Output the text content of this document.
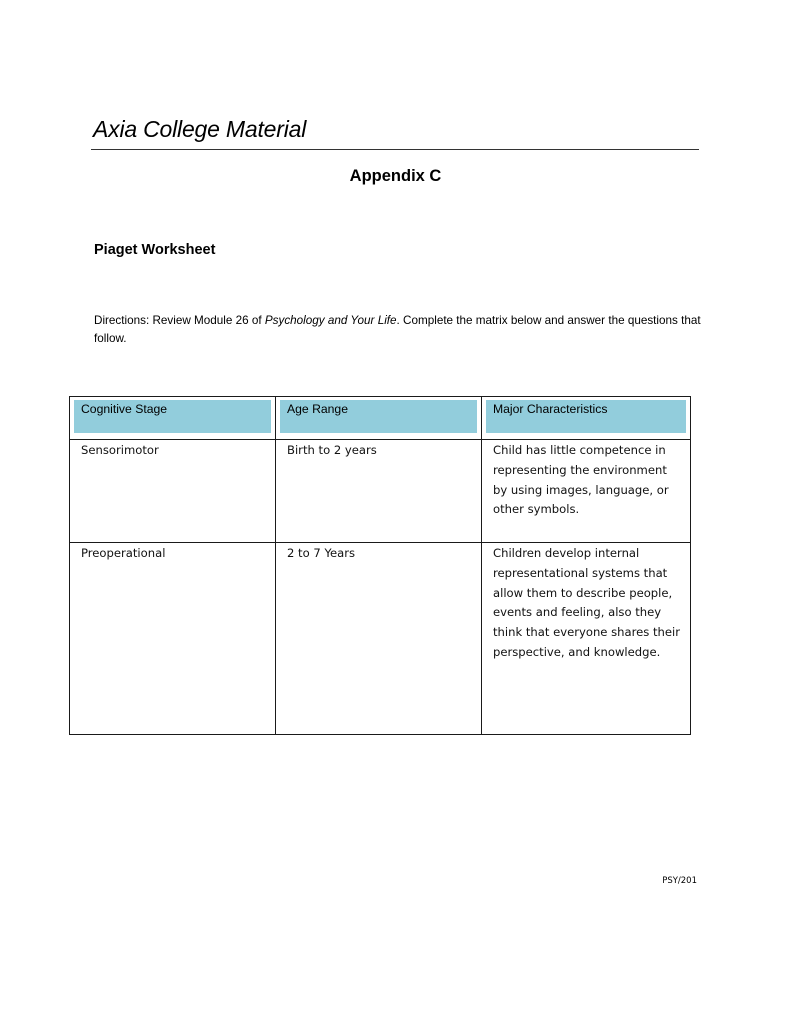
Axia College Material
Appendix C
Piaget Worksheet
Directions: Review Module 26 of Psychology and Your Life. Complete the matrix below and answer the questions that follow.
Cognitive Stage	Age Range	Major Characteristics

Sensorimotor	Birth to 2 years	Child has little competence in representing the environment by using images, language, or other symbols.

Preoperational	2 to 7 Years	Children develop internal representational systems that allow them to describe people, events and feeling, also they think that everyone shares their perspective, and knowledge.
PSY/201
